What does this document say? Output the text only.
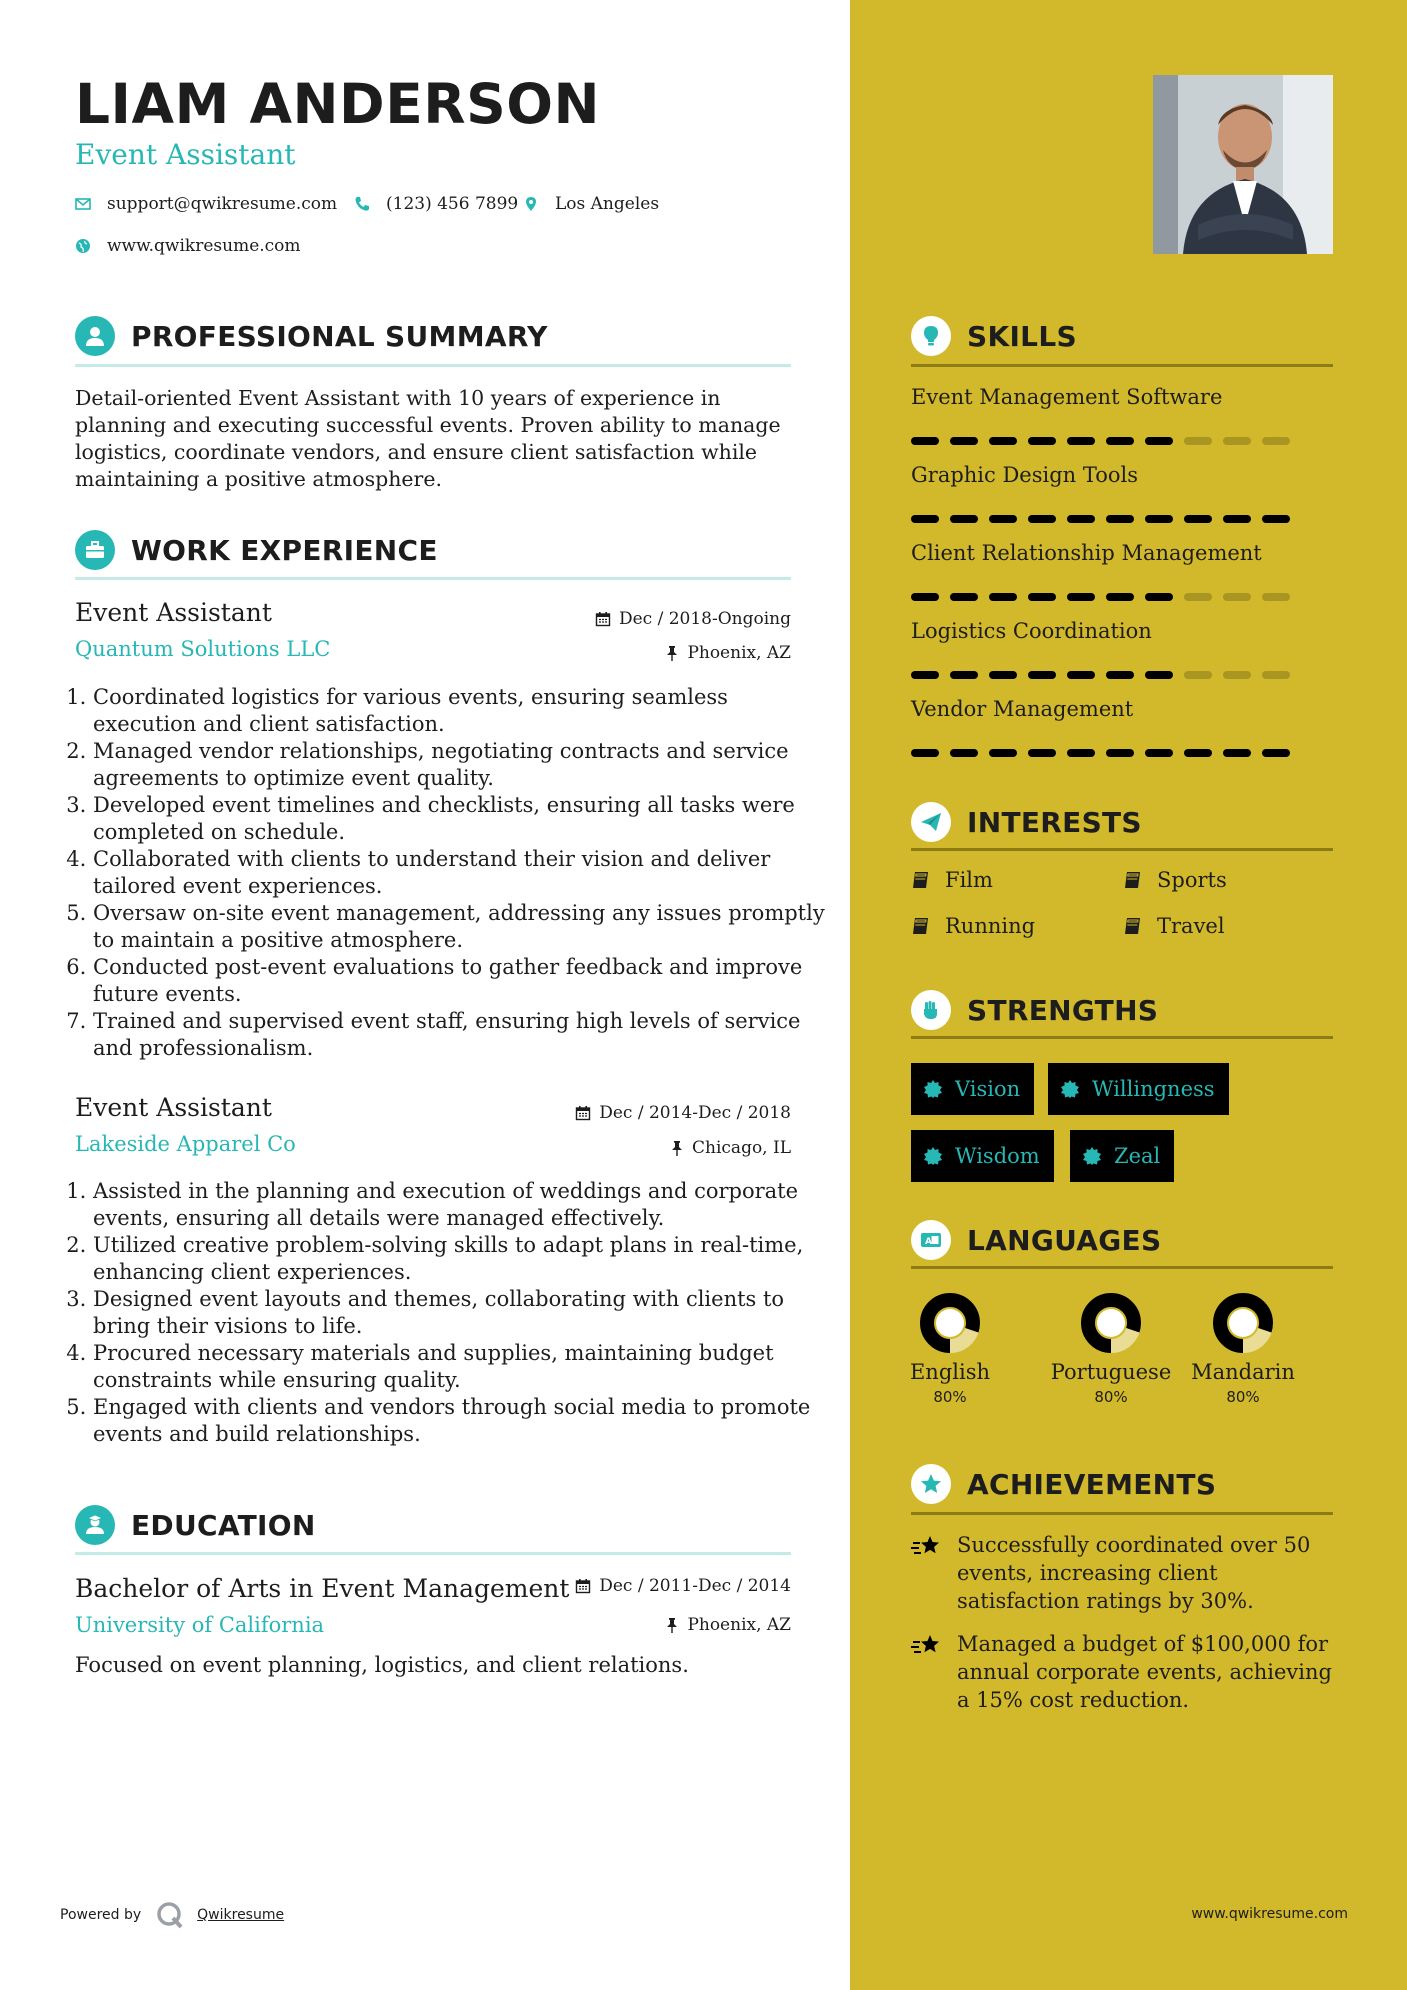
LIAM ANDERSON
Event Assistant
support@qwikresume.com	(123) 456 7899 Los Angeles
www.qwikresume.com
PROFESSIONAL SUMMARY
Detail-oriented Event Assistant with 10 years of experience in planning and executing successful events. Proven ability to manage logistics, coordinate vendors, and ensure client satisfaction while maintaining a positive atmosphere.
WORK EXPERIENCE
Event Assistant
Quantum Solutions LLC
Dec / 2018-Ongoing
Phoenix, AZ
1. Coordinated logistics for various events, ensuring seamless execution and client satisfaction.
2. Managed vendor relationships, negotiating contracts and service agreements to optimize event quality.
3. Developed event timelines and checklists, ensuring all tasks were completed on schedule.
4. Collaborated with clients to understand their vision and deliver tailored event experiences.
5. Oversaw on-site event management, addressing any issues promptly to maintain a positive atmosphere.
6. Conducted post-event evaluations to gather feedback and improve future events.
7. Trained and supervised event staff, ensuring high levels of service and professionalism.
Event Assistant
Lakeside Apparel Co
Dec / 2014-Dec / 2018
Chicago, IL
1. Assisted in the planning and execution of weddings and corporate events, ensuring all details were managed effectively.
2. Utilized creative problem-solving skills to adapt plans in real-time, enhancing client experiences.
3. Designed event layouts and themes, collaborating with clients to bring their visions to life.
4. Procured necessary materials and supplies, maintaining budget constraints while ensuring quality.
5. Engaged with clients and vendors through social media to promote events and build relationships.
EDUCATION
Bachelor of Arts in Event Management
University of California
Dec / 2011-Dec / 2014
Phoenix, AZ
Focused on event planning, logistics, and client relations.
SKILLS
Event Management Software
Graphic Design Tools
Client Relationship Management
Logistics Coordination
Vendor Management
INTERESTS
Film	Sports
Running	Travel
STRENGTHS
Vision	Willingness
Wisdom	Zeal
A LANGUAGES
English
80%
Portuguese
80%
Mandarin
80%
ACHIEVEMENTS
Successfully coordinated over 50 events, increasing client satisfaction ratings by 30%.
Managed a budget of $100,000 for annual corporate events, achieving a 15% cost reduction.
Powered by	Qwikresume	www.qwikresume.com
